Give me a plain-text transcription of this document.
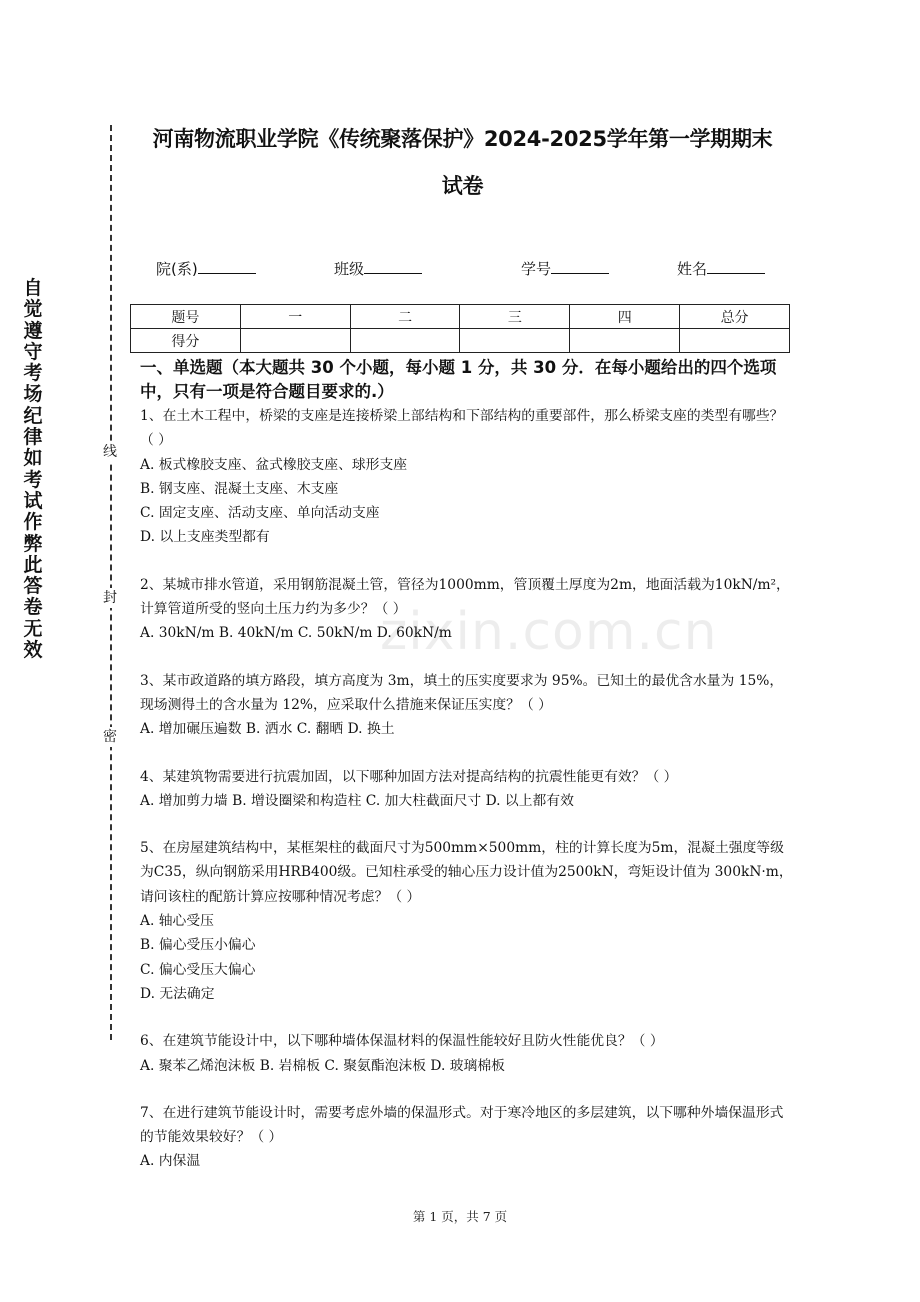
线
封
密
自觉遵守考场纪律如考试作弊此答卷无效
河南物流职业学院《传统聚落保护》2024-2025学年第一学期期末
试卷
院(系)	班级	学号	姓名
题号	一	二	三	四	总分
得分					
一、单选题（本大题共 30 个小题，每小题 1 分，共 30 分．在每小题给出的四个选项中，只有一项是符合题目要求的.）

1、在土木工程中，桥梁的支座是连接桥梁上部结构和下部结构的重要部件，那么桥梁支座的类型有哪些？（ ）

A. 板式橡胶支座、盆式橡胶支座、球形支座

B. 钢支座、混凝土支座、木支座

C. 固定支座、活动支座、单向活动支座

D. 以上支座类型都有

2、某城市排水管道，采用钢筋混凝土管，管径为1000mm，管顶覆土厚度为2m，地面活载为10kN/m²，计算管道所受的竖向土压力约为多少？（ ）

A. 30kN/m B. 40kN/m C. 50kN/m D. 60kN/m

3、某市政道路的填方路段，填方高度为 3m，填土的压实度要求为 95%。已知土的最优含水量为 15%，现场测得土的含水量为 12%，应采取什么措施来保证压实度？（ ）

A. 增加碾压遍数 B. 洒水 C. 翻晒 D. 换土

4、某建筑物需要进行抗震加固，以下哪种加固方法对提高结构的抗震性能更有效？（ ）

A. 增加剪力墙 B. 增设圈梁和构造柱 C. 加大柱截面尺寸 D. 以上都有效

5、在房屋建筑结构中，某框架柱的截面尺寸为500mm×500mm，柱的计算长度为5m，混凝土强度等级为C35，纵向钢筋采用HRB400级。已知柱承受的轴心压力设计值为2500kN，弯矩设计值为 300kN·m，请问该柱的配筋计算应按哪种情况考虑？（ ）

A. 轴心受压

B. 偏心受压小偏心

C. 偏心受压大偏心

D. 无法确定

6、在建筑节能设计中，以下哪种墙体保温材料的保温性能较好且防火性能优良？（ ）

A. 聚苯乙烯泡沫板 B. 岩棉板 C. 聚氨酯泡沫板 D. 玻璃棉板

7、在进行建筑节能设计时，需要考虑外墙的保温形式。对于寒冷地区的多层建筑，以下哪种外墙保温形式的节能效果较好？（ ）

A. 内保温

zixin.com.cn
第 1 页，共 7 页
